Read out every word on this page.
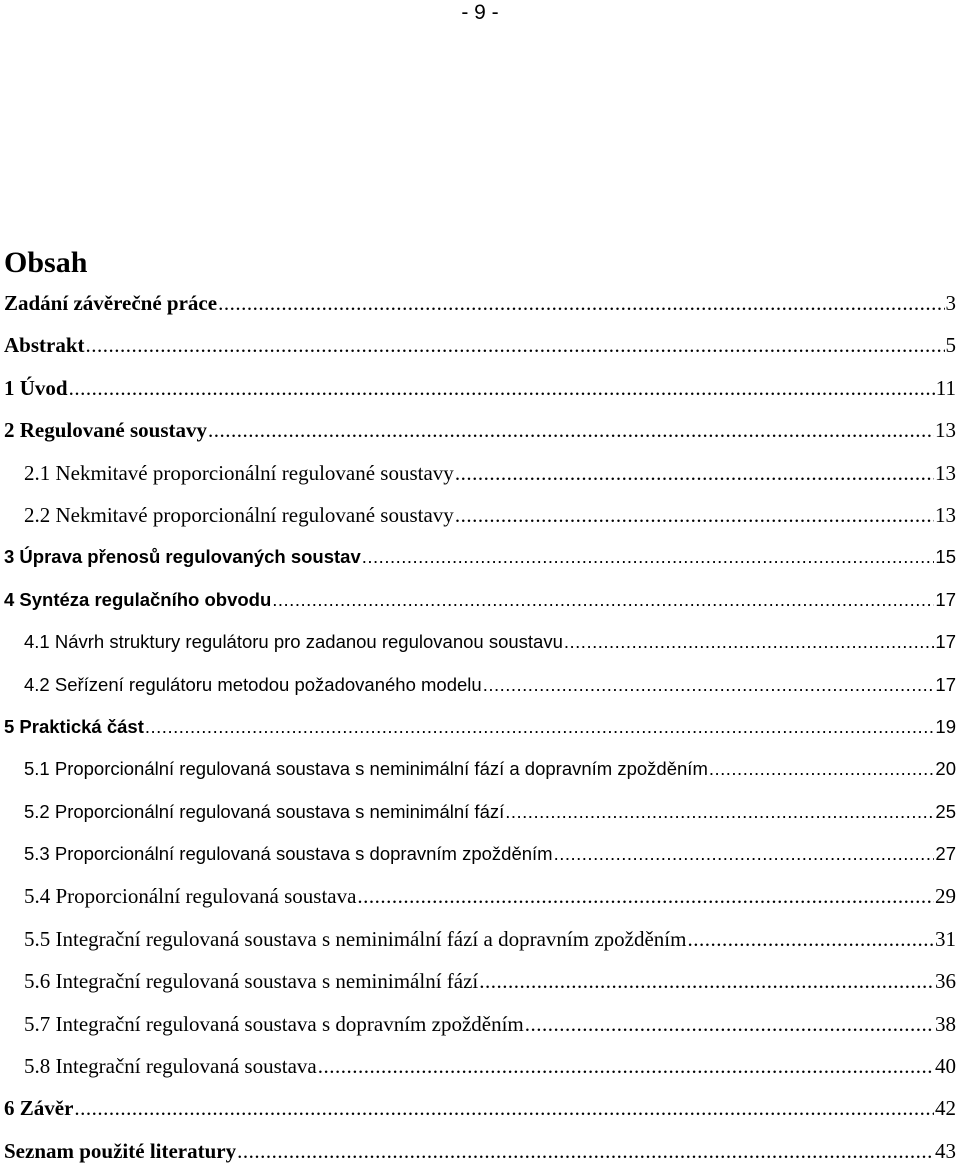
- 9 -
Obsah
Zadání závěrečné práce .....	3
Abstrakt .....	5
1 Úvod .....	11
2 Regulované soustavy .....	13
2.1 Nekmitavé proporcionální regulované soustavy .....	13
2.2 Nekmitavé proporcionální regulované soustavy .....	13
3 Úprava přenosů regulovaných soustav .....	15
4 Syntéza regulačního obvodu .....	17
4.1 Návrh struktury regulátoru pro zadanou regulovanou soustavu .....	17
4.2 Seřízení regulátoru metodou požadovaného modelu .....	17
5 Praktická část .....	19
5.1 Proporcionální regulovaná soustava s neminimální fází a dopravním zpožděním .....	20
5.2 Proporcionální regulovaná soustava s neminimální fází .....	25
5.3 Proporcionální regulovaná soustava s dopravním zpožděním .....	27
5.4 Proporcionální regulovaná soustava .....	29
5.5 Integrační regulovaná soustava s neminimální fází a dopravním zpožděním .....	31
5.6 Integrační regulovaná soustava s neminimální fází .....	36
5.7 Integrační regulovaná soustava s dopravním zpožděním .....	38
5.8 Integrační regulovaná soustava .....	40
6 Závěr .....	42
Seznam použité literatury .....	43
